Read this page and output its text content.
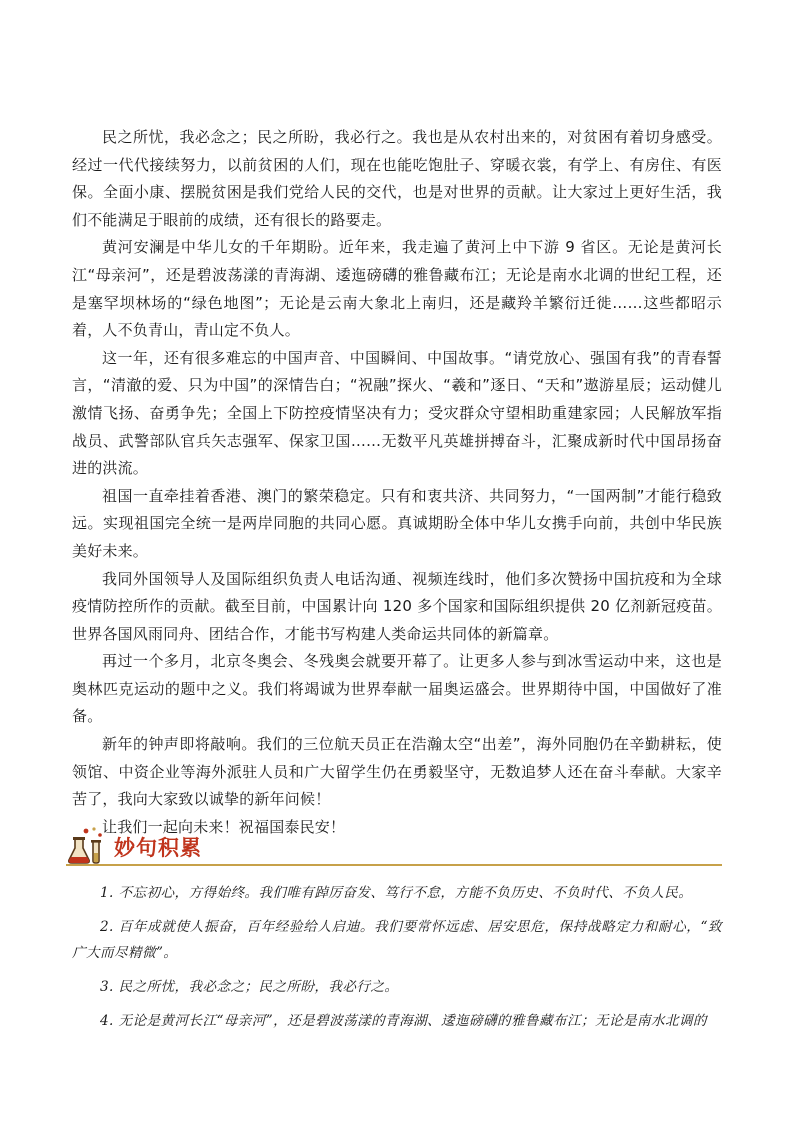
民之所忧，我必念之；民之所盼，我必行之。我也是从农村出来的，对贫困有着切身感受。经过一代代接续努力，以前贫困的人们，现在也能吃饱肚子、穿暖衣裳，有学上、有房住、有医保。全面小康、摆脱贫困是我们党给人民的交代，也是对世界的贡献。让大家过上更好生活，我们不能满足于眼前的成绩，还有很长的路要走。

黄河安澜是中华儿女的千年期盼。近年来，我走遍了黄河上中下游 9 省区。无论是黄河长江“母亲河”，还是碧波荡漾的青海湖、逶迤磅礴的雅鲁藏布江；无论是南水北调的世纪工程，还是塞罕坝林场的“绿色地图”；无论是云南大象北上南归，还是藏羚羊繁衍迁徙……这些都昭示着，人不负青山，青山定不负人。

这一年，还有很多难忘的中国声音、中国瞬间、中国故事。“请党放心、强国有我”的青春誓言，“清澈的爱、只为中国”的深情告白；“祝融”探火、“羲和”逐日、“天和”遨游星辰；运动健儿激情飞扬、奋勇争先；全国上下防控疫情坚决有力；受灾群众守望相助重建家园；人民解放军指战员、武警部队官兵矢志强军、保家卫国……无数平凡英雄拼搏奋斗，汇聚成新时代中国昂扬奋进的洪流。

祖国一直牵挂着香港、澳门的繁荣稳定。只有和衷共济、共同努力，“一国两制”才能行稳致远。实现祖国完全统一是两岸同胞的共同心愿。真诚期盼全体中华儿女携手向前，共创中华民族美好未来。

我同外国领导人及国际组织负责人电话沟通、视频连线时，他们多次赞扬中国抗疫和为全球疫情防控所作的贡献。截至目前，中国累计向 120 多个国家和国际组织提供 20 亿剂新冠疫苗。世界各国风雨同舟、团结合作，才能书写构建人类命运共同体的新篇章。

再过一个多月，北京冬奥会、冬残奥会就要开幕了。让更多人参与到冰雪运动中来，这也是奥林匹克运动的题中之义。我们将竭诚为世界奉献一届奥运盛会。世界期待中国，中国做好了准备。

新年的钟声即将敲响。我们的三位航天员正在浩瀚太空“出差”，海外同胞仍在辛勤耕耘，使领馆、中资企业等海外派驻人员和广大留学生仍在勇毅坚守，无数追梦人还在奋斗奉献。大家辛苦了，我向大家致以诚挚的新年问候！

让我们一起向未来！祝福国泰民安！

妙句积累

1. 不忘初心，方得始终。我们唯有踔厉奋发、笃行不怠，方能不负历史、不负时代、不负人民。

2. 百年成就使人振奋，百年经验给人启迪。我们要常怀远虑、居安思危，保持战略定力和耐心，“致广大而尽精微”。

3. 民之所忧，我必念之；民之所盼，我必行之。

4. 无论是黄河长江“母亲河”，还是碧波荡漾的青海湖、逶迤磅礴的雅鲁藏布江；无论是南水北调的
